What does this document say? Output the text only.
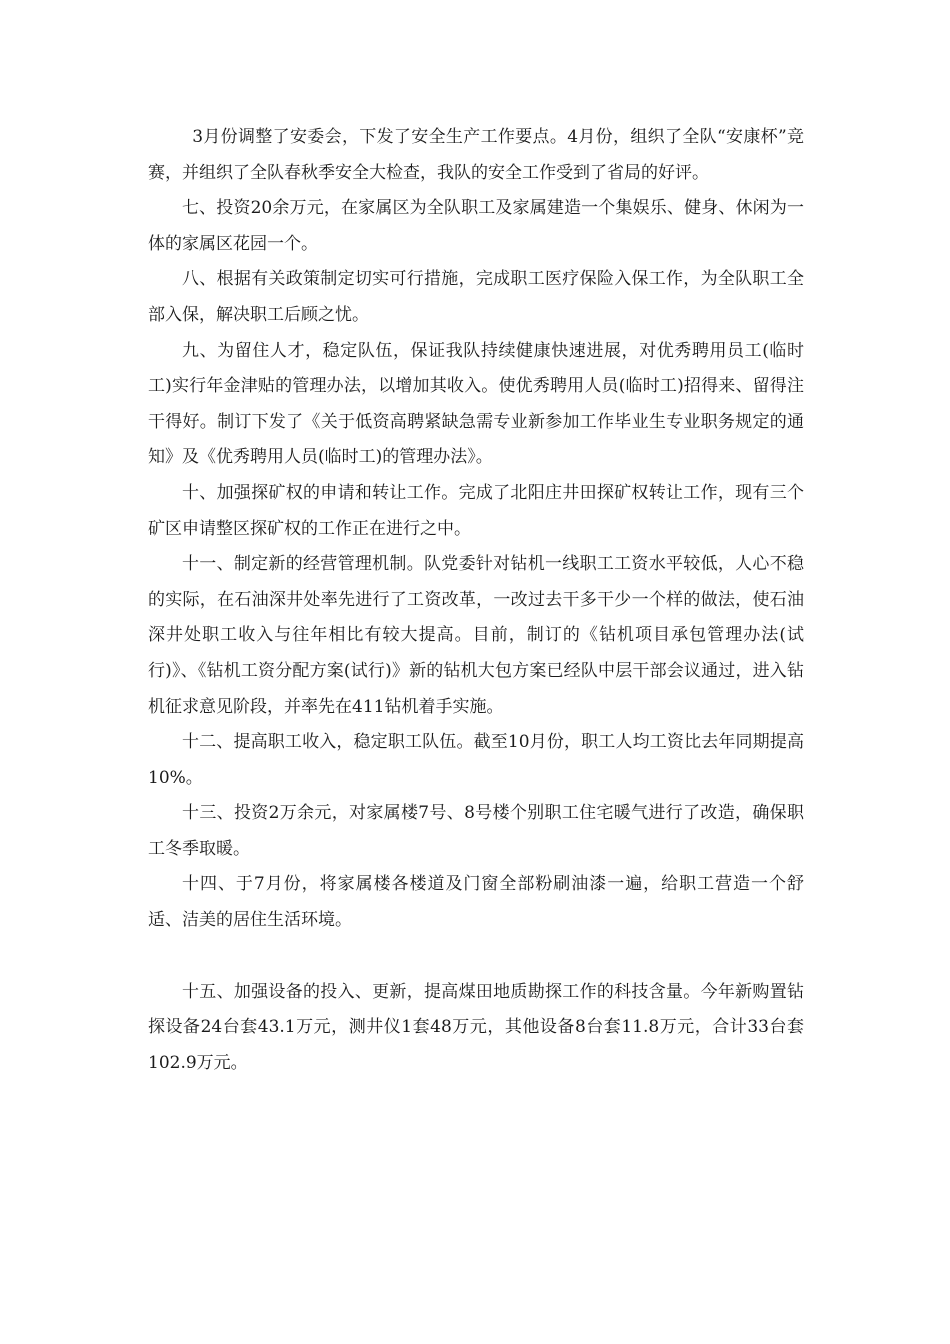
3月份调整了安委会，下发了安全生产工作要点。4月份，组织了全队“安康杯”竞赛，并组织了全队春秋季安全大检查，我队的安全工作受到了省局的好评。

七、投资20余万元，在家属区为全队职工及家属建造一个集娱乐、健身、休闲为一体的家属区花园一个。

八、根据有关政策制定切实可行措施，完成职工医疗保险入保工作，为全队职工全部入保，解决职工后顾之忧。

九、为留住人才，稳定队伍，保证我队持续健康快速进展，对优秀聘用员工(临时工)实行年金津贴的管理办法，以增加其收入。使优秀聘用人员(临时工)招得来、留得注干得好。制订下发了《关于低资高聘紧缺急需专业新参加工作毕业生专业职务规定的通知》及《优秀聘用人员(临时工)的管理办法》。

十、加强探矿权的申请和转让工作。完成了北阳庄井田探矿权转让工作，现有三个矿区申请整区探矿权的工作正在进行之中。

十一、制定新的经营管理机制。队党委针对钻机一线职工工资水平较低，人心不稳的实际，在石油深井处率先进行了工资改革，一改过去干多干少一个样的做法，使石油深井处职工收入与往年相比有较大提高。目前，制订的《钻机项目承包管理办法(试行)》、《钻机工资分配方案(试行)》新的钻机大包方案已经队中层干部会议通过，进入钻机征求意见阶段，并率先在411钻机着手实施。

十二、提高职工收入，稳定职工队伍。截至10月份，职工人均工资比去年同期提高10%。

十三、投资2万余元，对家属楼7号、8号楼个别职工住宅暖气进行了改造，确保职工冬季取暖。

十四、于7月份，将家属楼各楼道及门窗全部粉刷油漆一遍，给职工营造一个舒适、洁美的居住生活环境。

十五、加强设备的投入、更新，提高煤田地质勘探工作的科技含量。今年新购置钻探设备24台套43.1万元，测井仪1套48万元，其他设备8台套11.8万元，合计33台套102.9万元。
